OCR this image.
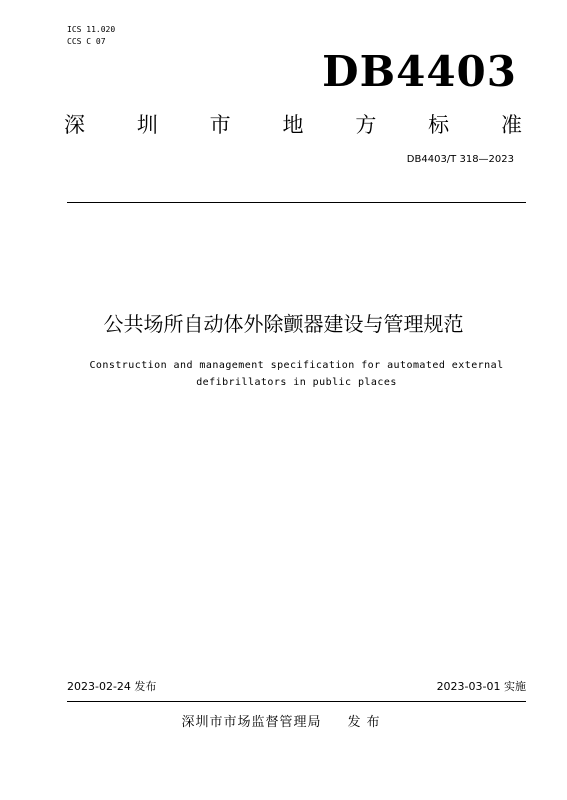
ICS 11.020
CCS C 07
DB4403
深 圳 市 地 方 标 准
DB4403/T 318—2023
公共场所自动体外除颤器建设与管理规范
Construction and management specification for automated external
defibrillators in public places
2023-02-24 发布	2023-03-01 实施
深圳市市场监督管理局 发布
